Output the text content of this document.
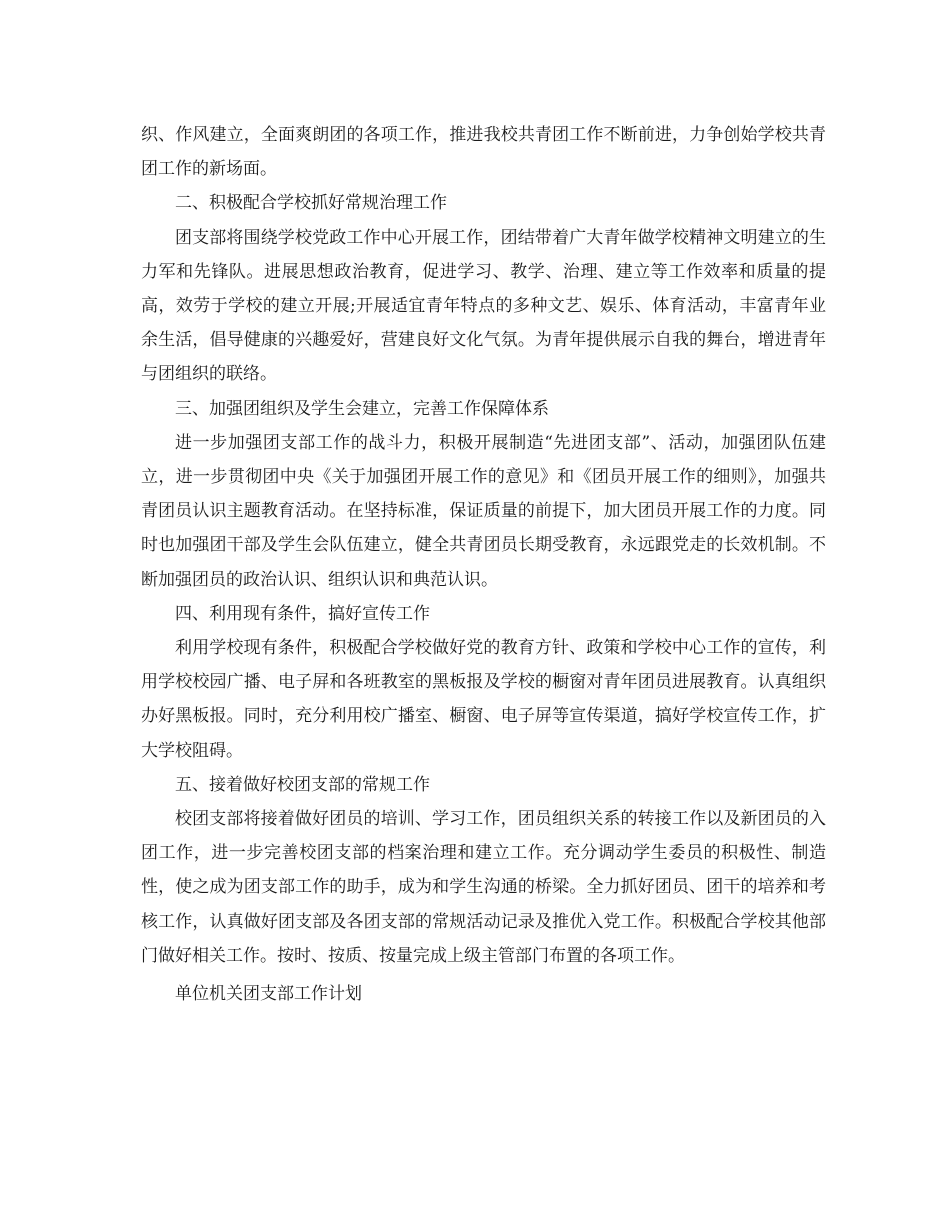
织、作风建立，全面爽朗团的各项工作，推进我校共青团工作不断前进，力争创始学校共青团工作的新场面。

二、积极配合学校抓好常规治理工作

团支部将围绕学校党政工作中心开展工作，团结带着广大青年做学校精神文明建立的生力军和先锋队。进展思想政治教育，促进学习、教学、治理、建立等工作效率和质量的提高，效劳于学校的建立开展;开展适宜青年特点的多种文艺、娱乐、体育活动，丰富青年业余生活，倡导健康的兴趣爱好，营建良好文化气氛。为青年提供展示自我的舞台，增进青年与团组织的联络。

三、加强团组织及学生会建立，完善工作保障体系

进一步加强团支部工作的战斗力，积极开展制造“先进团支部”、活动，加强团队伍建立，进一步贯彻团中央《关于加强团开展工作的意见》和《团员开展工作的细则》，加强共青团员认识主题教育活动。在坚持标准，保证质量的前提下，加大团员开展工作的力度。同时也加强团干部及学生会队伍建立，健全共青团员长期受教育，永远跟党走的长效机制。不断加强团员的政治认识、组织认识和典范认识。

四、利用现有条件，搞好宣传工作

利用学校现有条件，积极配合学校做好党的教育方针、政策和学校中心工作的宣传，利用学校校园广播、电子屏和各班教室的黑板报及学校的橱窗对青年团员进展教育。认真组织办好黑板报。同时，充分利用校广播室、橱窗、电子屏等宣传渠道，搞好学校宣传工作，扩大学校阻碍。

五、接着做好校团支部的常规工作

校团支部将接着做好团员的培训、学习工作，团员组织关系的转接工作以及新团员的入团工作，进一步完善校团支部的档案治理和建立工作。充分调动学生委员的积极性、制造性，使之成为团支部工作的助手，成为和学生沟通的桥梁。全力抓好团员、团干的培养和考核工作，认真做好团支部及各团支部的常规活动记录及推优入党工作。积极配合学校其他部门做好相关工作。按时、按质、按量完成上级主管部门布置的各项工作。

单位机关团支部工作计划
